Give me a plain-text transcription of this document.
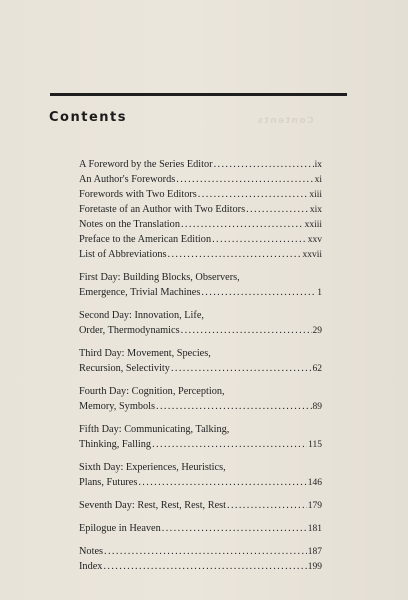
Contents	Contents
A Foreword by the Series Editor . . .	ix
An Author's Forewords . . .	xi
Forewords with Two Editors . . .	xiii
Foretaste of an Author with Two Editors . . .	xix
Notes on the Translation . . .	xxiii
Preface to the American Edition . . .	xxv
List of Abbreviations . . .	xxvii
First Day: Building Blocks, Observers,
Emergence, Trivial Machines . . .	1
Second Day: Innovation, Life,
Order, Thermodynamics . . .	29
Third Day: Movement, Species,
Recursion, Selectivity . . .	62
Fourth Day: Cognition, Perception,
Memory, Symbols . . .	89
Fifth Day: Communicating, Talking,
Thinking, Falling . . .	115
Sixth Day: Experiences, Heuristics,
Plans, Futures . . .	146
Seventh Day: Rest, Rest, Rest, Rest . . .	179
Epilogue in Heaven . . .	181
Notes . . .	187
Index . . .	199
